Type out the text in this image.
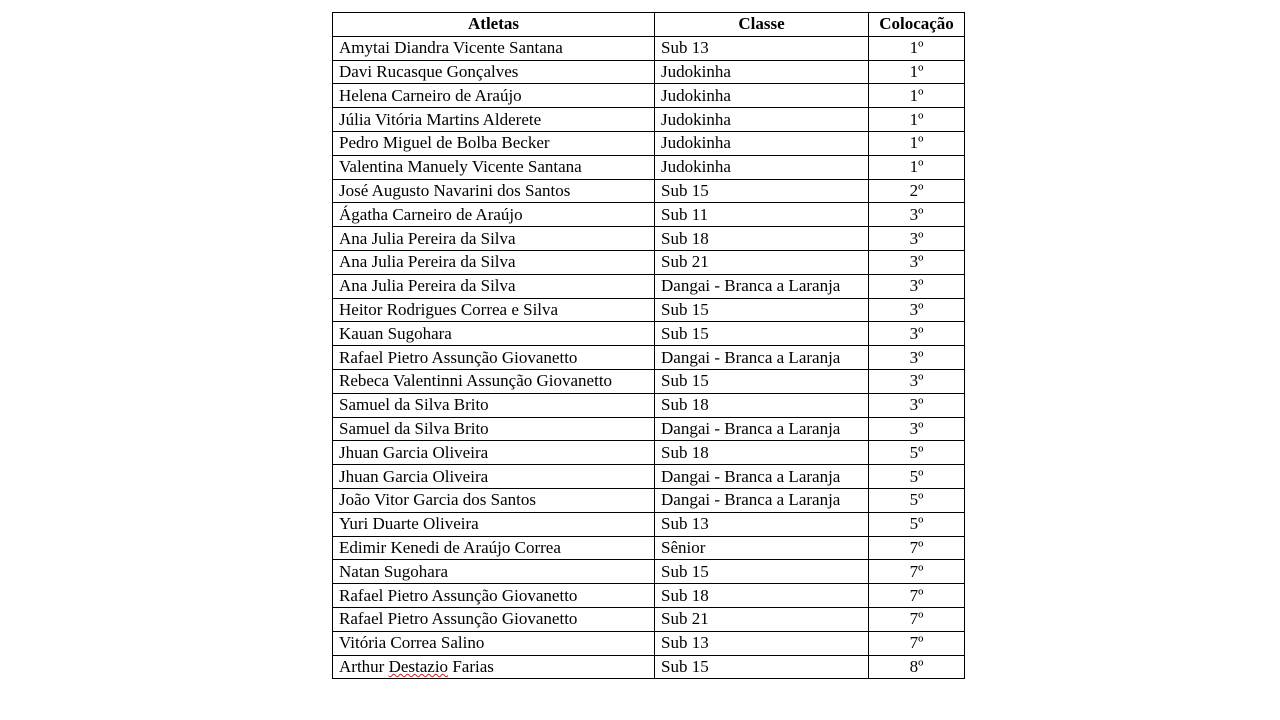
Atletas	Classe	Colocação
Amytai Diandra Vicente Santana	Sub 13	1º
Davi Rucasque Gonçalves	Judokinha	1º
Helena Carneiro de Araújo	Judokinha	1º
Júlia Vitória Martins Alderete	Judokinha	1º
Pedro Miguel de Bolba Becker	Judokinha	1º
Valentina Manuely Vicente Santana	Judokinha	1º
José Augusto Navarini dos Santos	Sub 15	2º
Ágatha Carneiro de Araújo	Sub 11	3º
Ana Julia Pereira da Silva	Sub 18	3º
Ana Julia Pereira da Silva	Sub 21	3º
Ana Julia Pereira da Silva	Dangai - Branca a Laranja	3º
Heitor Rodrigues Correa e Silva	Sub 15	3º
Kauan Sugohara	Sub 15	3º
Rafael Pietro Assunção Giovanetto	Dangai - Branca a Laranja	3º
Rebeca Valentinni Assunção Giovanetto	Sub 15	3º
Samuel da Silva Brito	Sub 18	3º
Samuel da Silva Brito	Dangai - Branca a Laranja	3º
Jhuan Garcia Oliveira	Sub 18	5º
Jhuan Garcia Oliveira	Dangai - Branca a Laranja	5º
João Vitor Garcia dos Santos	Dangai - Branca a Laranja	5º
Yuri Duarte Oliveira	Sub 13	5º
Edimir Kenedi de Araújo Correa	Sênior	7º
Natan Sugohara	Sub 15	7º
Rafael Pietro Assunção Giovanetto	Sub 18	7º
Rafael Pietro Assunção Giovanetto	Sub 21	7º
Vitória Correa Salino	Sub 13	7º
Arthur Destazio Farias	Sub 15	8º
